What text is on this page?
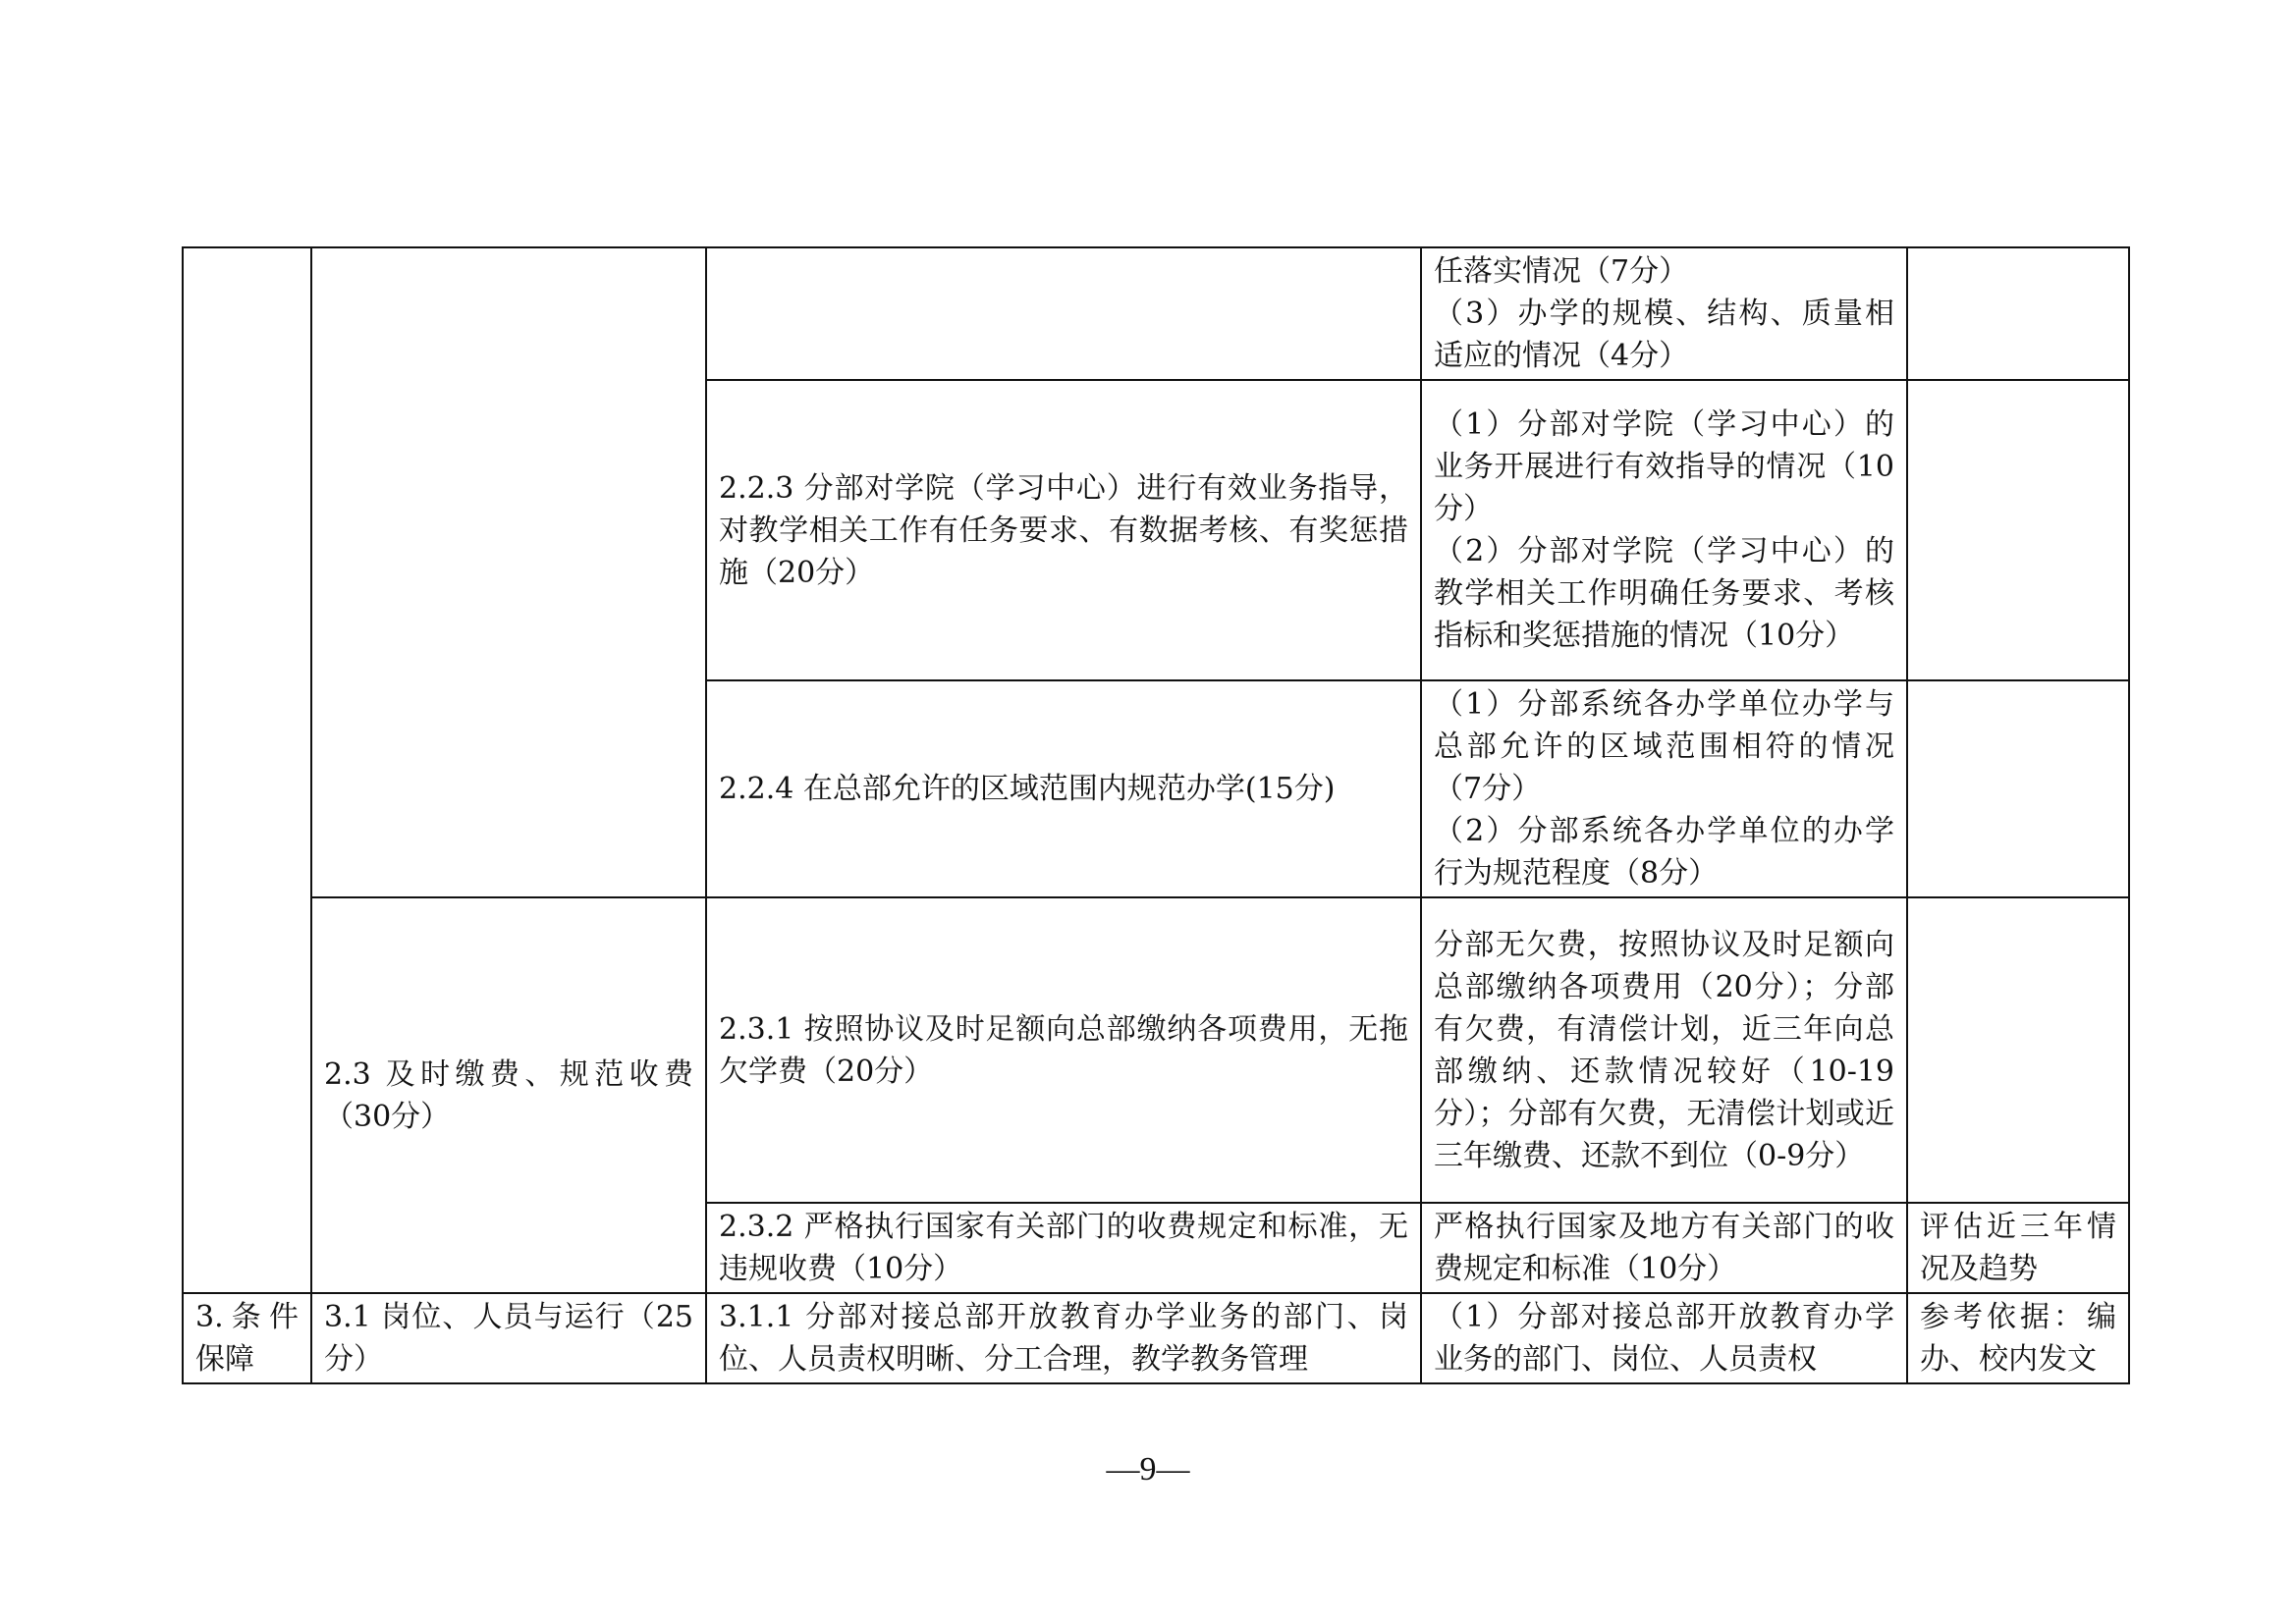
			任落实情况（7分）
（3）办学的规模、结构、质量相适应的情况（4分）	

		2.2.3 分部对学院（学习中心）进行有效业务指导，对教学相关工作有任务要求、有数据考核、有奖惩措施（20分）	（1）分部对学院（学习中心）的业务开展进行有效指导的情况（10分）
（2）分部对学院（学习中心）的教学相关工作明确任务要求、考核指标和奖惩措施的情况（10分）	

		2.2.4 在总部允许的区域范围内规范办学(15分)	（1）分部系统各办学单位办学与总部允许的区域范围相符的情况（7分）
（2）分部系统各办学单位的办学行为规范程度（8分）	

	2.3 及时缴费、规范收费（30分）	2.3.1 按照协议及时足额向总部缴纳各项费用，无拖欠学费（20分）	分部无欠费，按照协议及时足额向总部缴纳各项费用（20分）；分部有欠费，有清偿计划，近三年向总部缴纳、还款情况较好（10-19分）；分部有欠费，无清偿计划或近三年缴费、还款不到位（0-9分）	

		2.3.2 严格执行国家有关部门的收费规定和标准，无违规收费（10分）	严格执行国家及地方有关部门的收费规定和标准（10分）	评估近三年情况及趋势
3.条件保障	3.1 岗位、人员与运行（25分）	3.1.1 分部对接总部开放教育办学业务的部门、岗位、人员责权明晰、分工合理，教学教务管理	（1）分部对接总部开放教育办学业务的部门、岗位、人员责权	参考依据：编办、校内发文
—9—
